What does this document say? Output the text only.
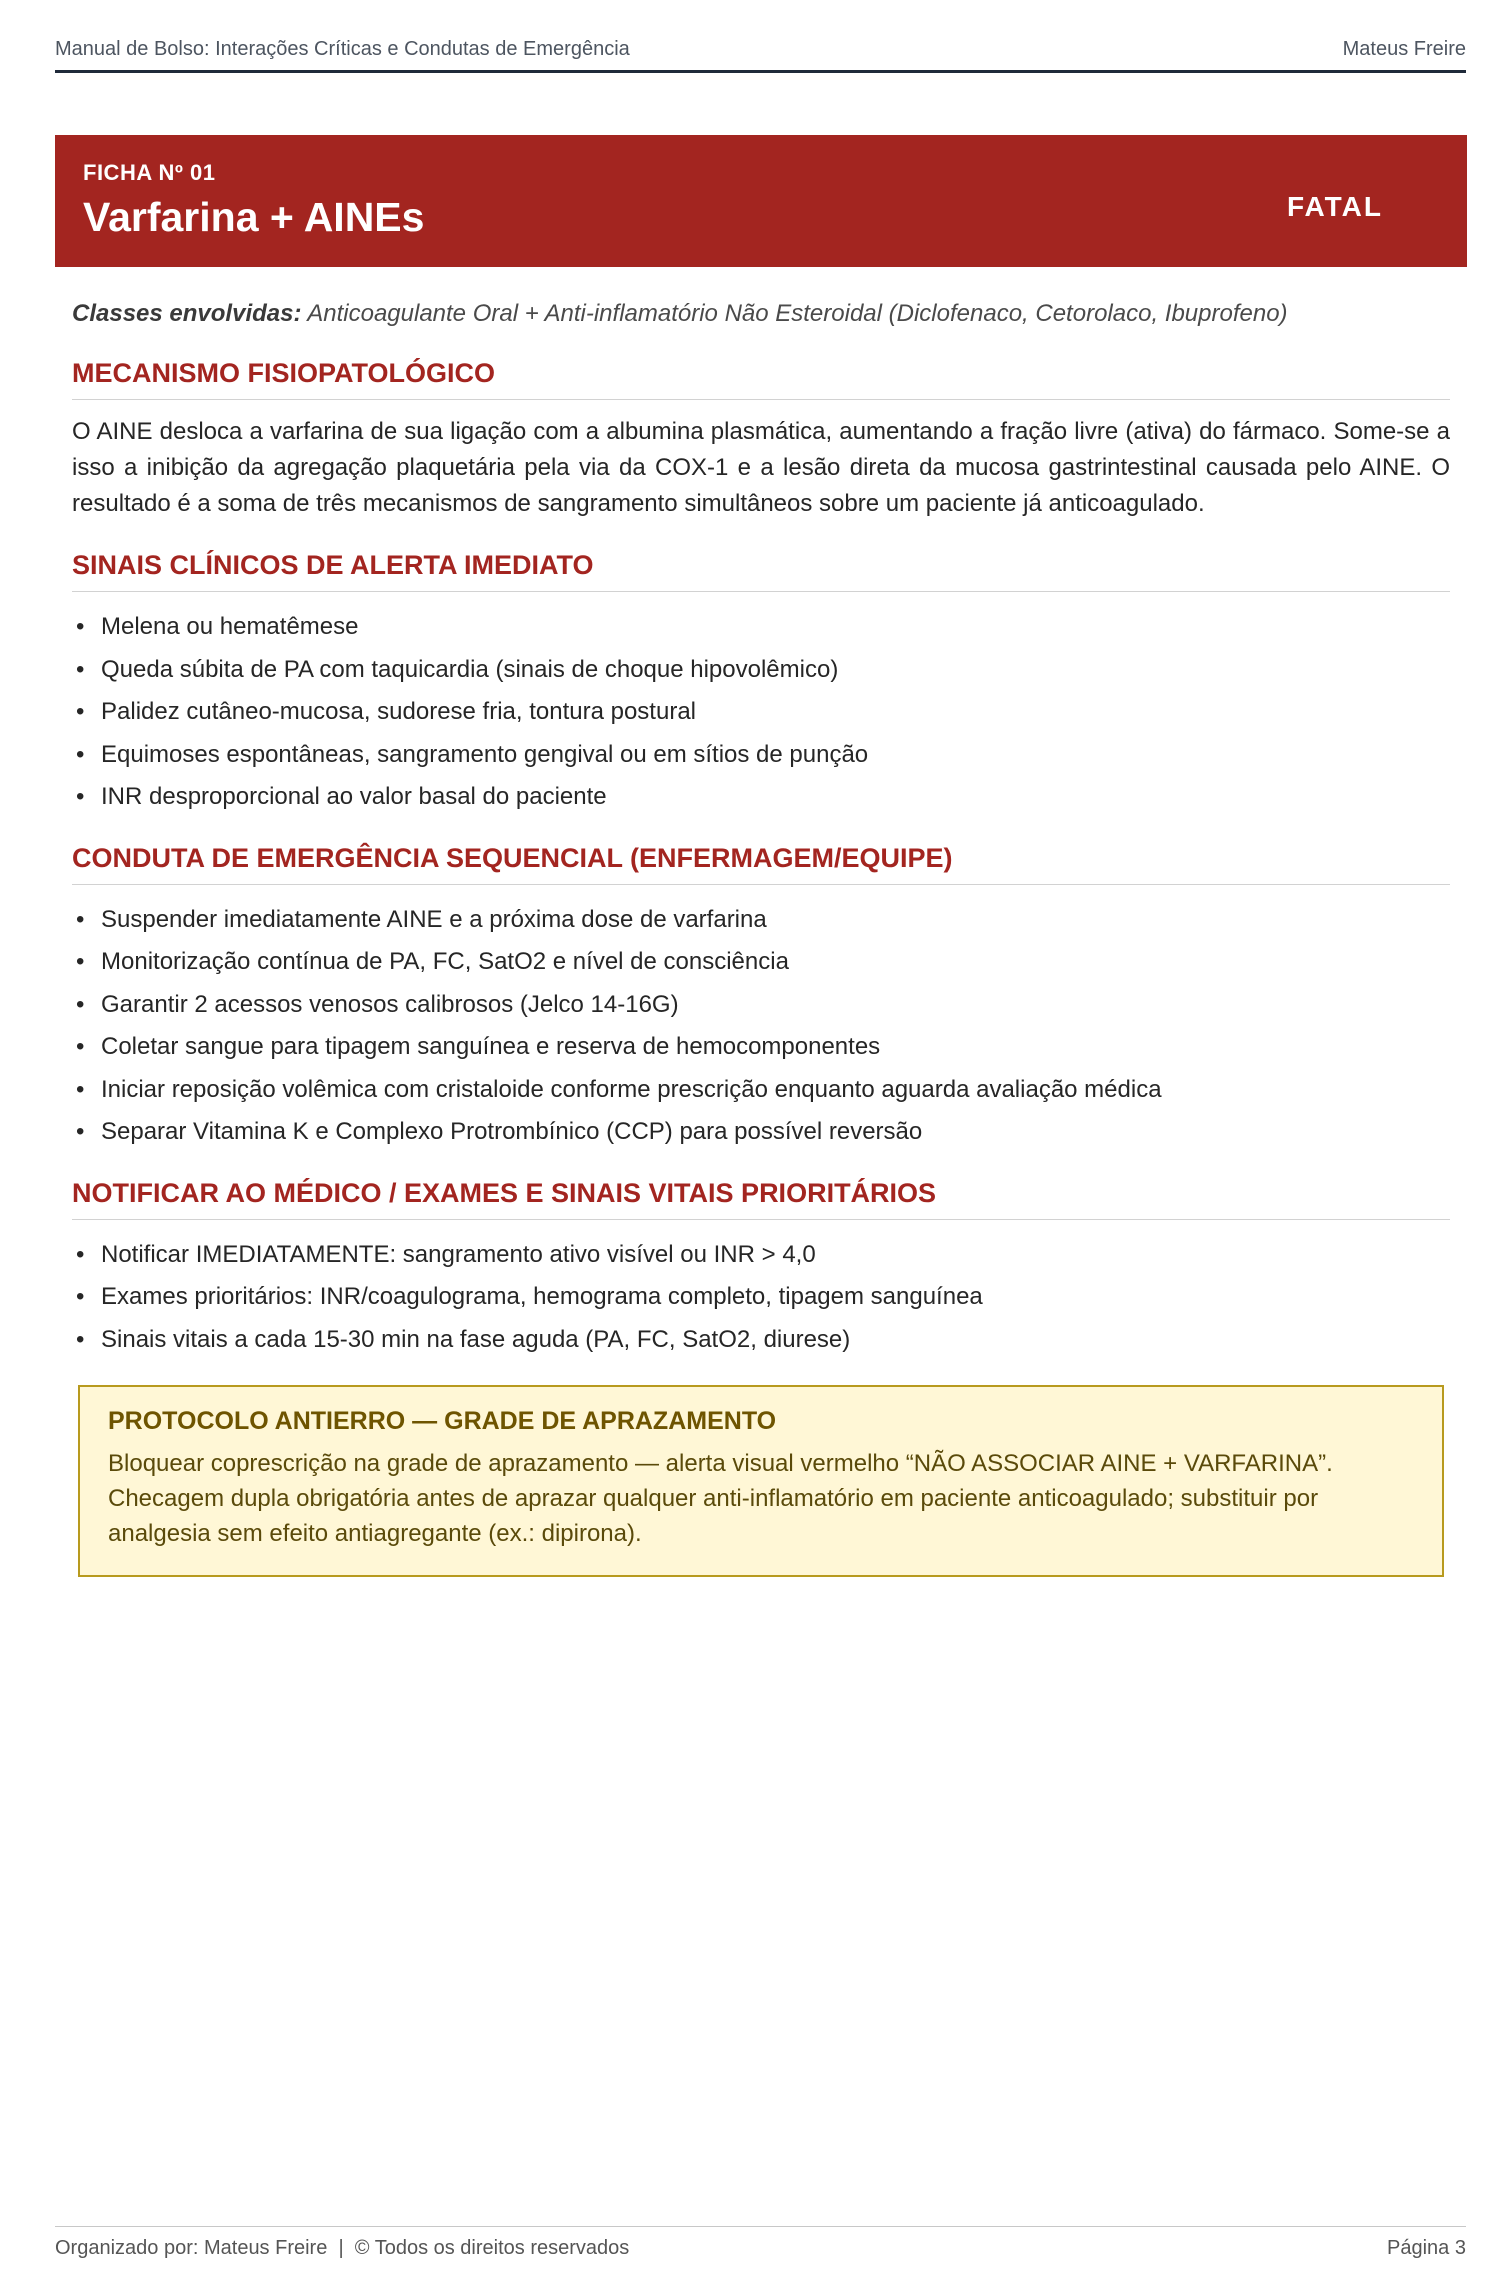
Manual de Bolso: Interações Críticas e Condutas de Emergência	Mateus Freire
FICHA Nº 01
Varfarina + AINEs	FATAL

Classes envolvidas: Anticoagulante Oral + Anti-inflamatório Não Esteroidal (Diclofenaco, Cetorolaco, Ibuprofeno)

MECANISMO FISIOPATOLÓGICO

O AINE desloca a varfarina de sua ligação com a albumina plasmática, aumentando a fração livre (ativa) do fármaco. Some-se a isso a inibição da agregação plaquetária pela via da COX-1 e a lesão direta da mucosa gastrintestinal causada pelo AINE. O resultado é a soma de três mecanismos de sangramento simultâneos sobre um paciente já anticoagulado.

SINAIS CLÍNICOS DE ALERTA IMEDIATO
• Melena ou hematêmese
• Queda súbita de PA com taquicardia (sinais de choque hipovolêmico)
• Palidez cutâneo-mucosa, sudorese fria, tontura postural
• Equimoses espontâneas, sangramento gengival ou em sítios de punção
• INR desproporcional ao valor basal do paciente
CONDUTA DE EMERGÊNCIA SEQUENCIAL (ENFERMAGEM/EQUIPE)
• Suspender imediatamente AINE e a próxima dose de varfarina
• Monitorização contínua de PA, FC, SatO2 e nível de consciência
• Garantir 2 acessos venosos calibrosos (Jelco 14-16G)
• Coletar sangue para tipagem sanguínea e reserva de hemocomponentes
• Iniciar reposição volêmica com cristaloide conforme prescrição enquanto aguarda avaliação médica
• Separar Vitamina K e Complexo Protrombínico (CCP) para possível reversão
NOTIFICAR AO MÉDICO / EXAMES E SINAIS VITAIS PRIORITÁRIOS
• Notificar IMEDIATAMENTE: sangramento ativo visível ou INR > 4,0
• Exames prioritários: INR/coagulograma, hemograma completo, tipagem sanguínea
• Sinais vitais a cada 15-30 min na fase aguda (PA, FC, SatO2, diurese)
PROTOCOLO ANTIERRO — GRADE DE APRAZAMENTO
Bloquear coprescrição na grade de aprazamento — alerta visual vermelho “NÃO ASSOCIAR AINE + VARFARINA”. Checagem dupla obrigatória antes de aprazar qualquer anti-inflamatório em paciente anticoagulado; substituir por analgesia sem efeito antiagregante (ex.: dipirona).
Organizado por: Mateus Freire  |  © Todos os direitos reservados	Página 3
